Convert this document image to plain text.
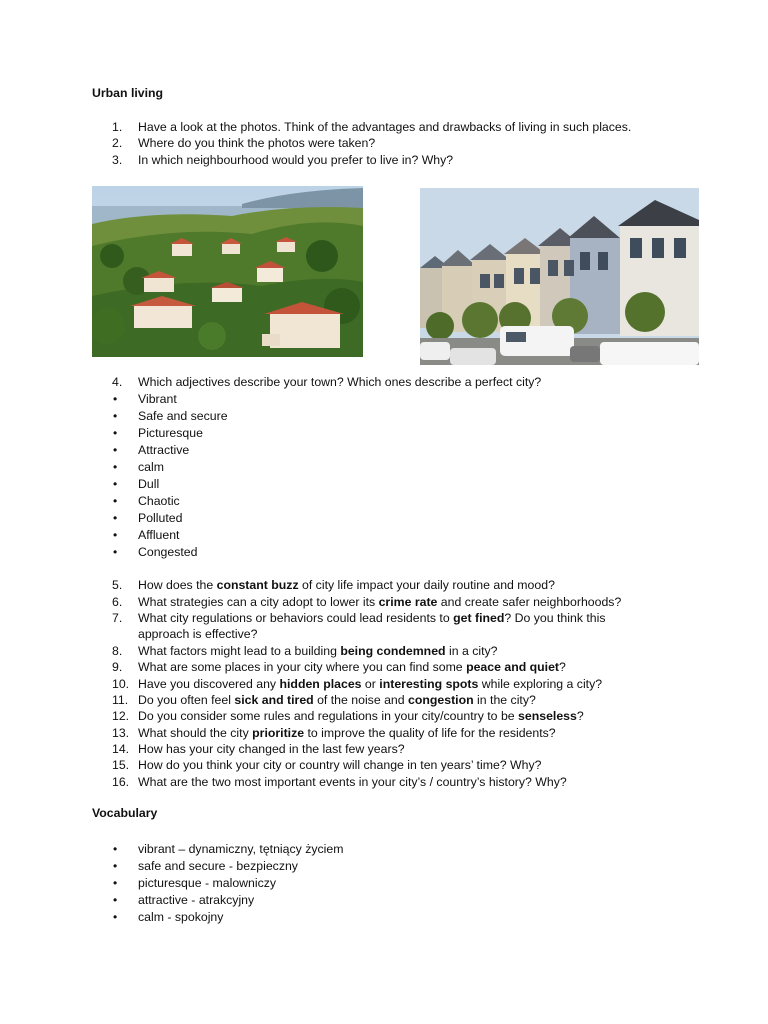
Urban living
1.	Have a look at the photos. Think of the advantages and drawbacks of living in such places.
2.	Where do you think the photos were taken?
3.	In which neighbourhood would you prefer to live in? Why?
4.	Which adjectives describe your town? Which ones describe a perfect city?
• Vibrant
• Safe and secure
• Picturesque
• Attractive
• calm
• Dull
• Chaotic
• Polluted
• Affluent
• Congested
5.	How does the constant buzz of city life impact your daily routine and mood?
6.	What strategies can a city adopt to lower its crime rate and create safer neighborhoods?
7.	What city regulations or behaviors could lead residents to get fined? Do you think this
approach is effective?
8.	What factors might lead to a building being condemned in a city?
9.	What are some places in your city where you can find some peace and quiet?
10. Have you discovered any hidden places or interesting spots while exploring a city?
11. Do you often feel sick and tired of the noise and congestion in the city?
12. Do you consider some rules and regulations in your city/country to be senseless?
13. What should the city prioritize to improve the quality of life for the residents?
14. How has your city changed in the last few years?
15. How do you think your city or country will change in ten years’ time? Why?
16. What are the two most important events in your city’s / country’s history? Why?
Vocabulary
• vibrant – dynamiczny, tętniący życiem
• safe and secure - bezpieczny
• picturesque - malowniczy
• attractive - atrakcyjny
• calm - spokojny
